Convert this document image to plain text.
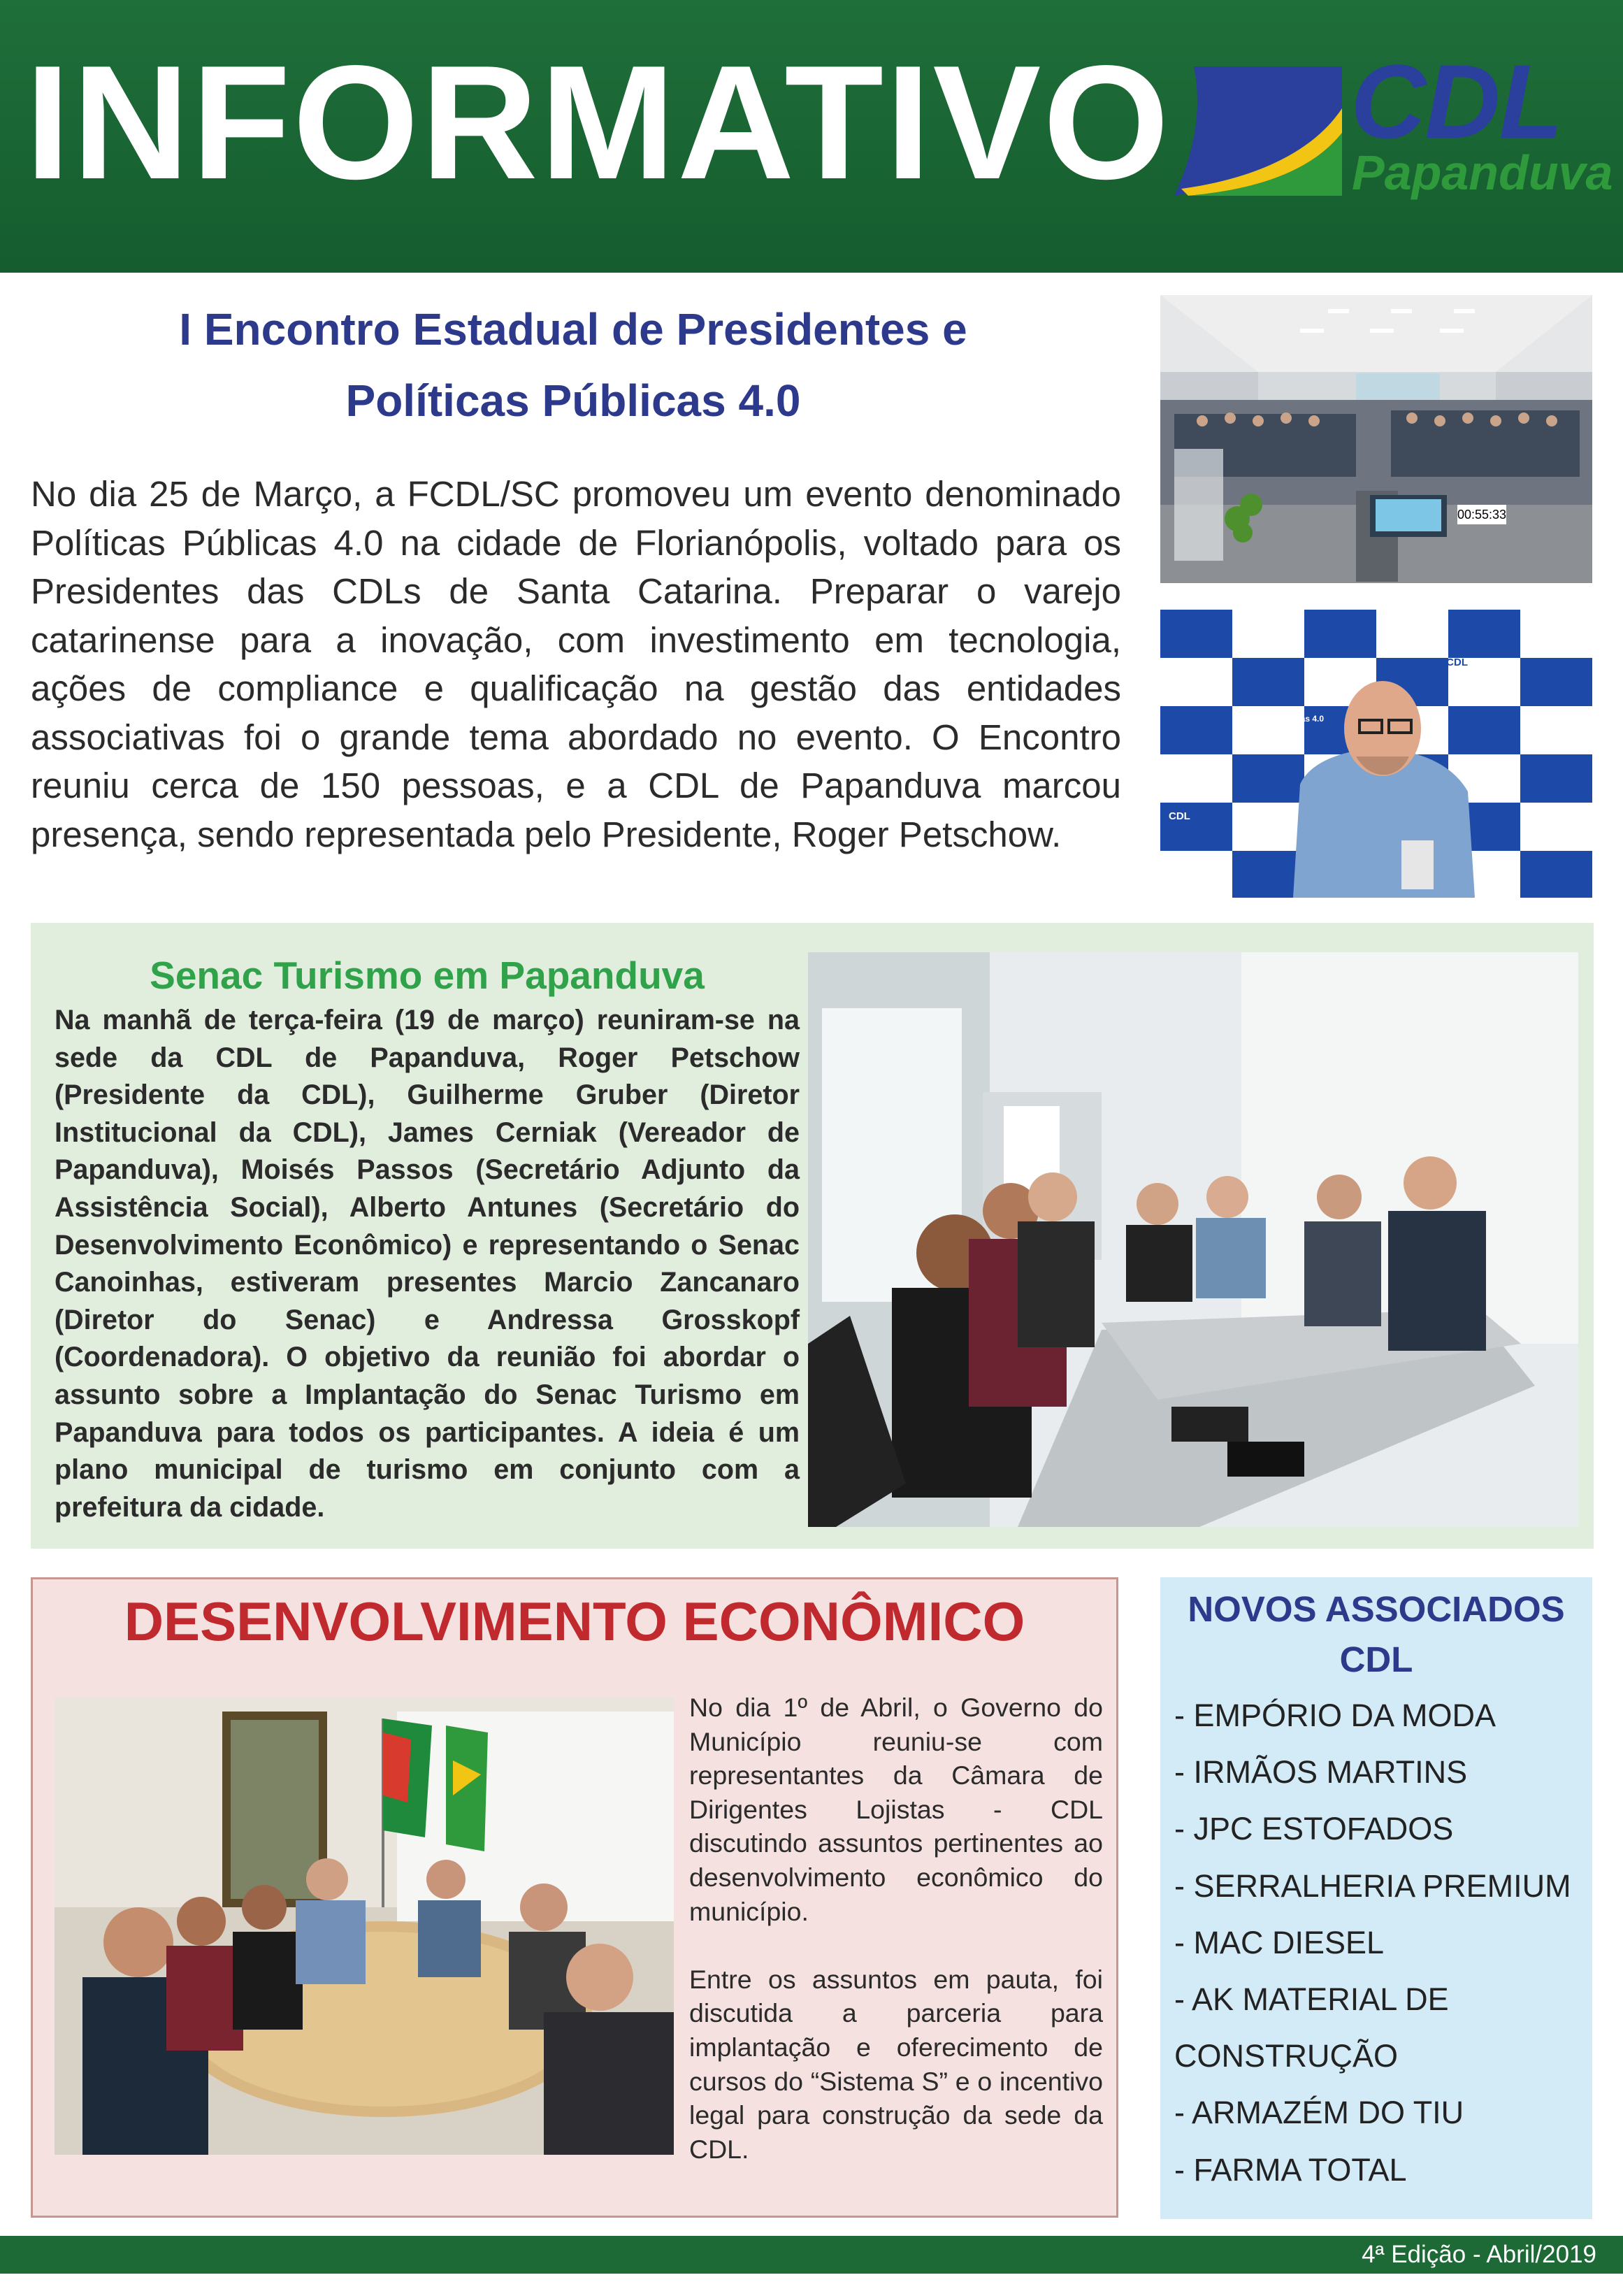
INFORMATIVO CDL
Papanduva
I Encontro Estadual de Presidentes e
Políticas Públicas 4.0
No dia 25 de Março, a FCDL/SC promoveu um evento denominado Políticas Públicas 4.0 na cidade de Florianópolis, voltado para os Presidentes das CDLs de Santa Catarina. Preparar o varejo catarinense para a inovação, com investimento em tecnologia, ações de compliance e qualificação na gestão das entidades associativas foi o grande tema abordado no evento. O Encontro reuniu cerca de 150 pessoas, e a CDL de Papanduva marcou presença, sendo representada pelo Presidente, Roger Petschow.
00:55:33
CNDL	FCDL
SPC	Políticas Públicas 4.0
CDL
Senac Turismo em Papanduva
Na manhã de terça-feira (19 de março) reuniram-se na sede da CDL de Papanduva, Roger Petschow (Presidente da CDL), Guilherme Gruber (Diretor Institucional da CDL), James Cerniak (Vereador de Papanduva), Moisés Passos (Secretário Adjunto da Assistência Social), Alberto Antunes (Secretário do Desenvolvimento Econômico) e representando o Senac Canoinhas, estiveram presentes Marcio Zancanaro (Diretor do Senac) e Andressa Grosskopf (Coordenadora). O objetivo da reunião foi abordar o assunto sobre a Implantação do Senac Turismo em Papanduva para todos os participantes. A ideia é um plano municipal de turismo em conjunto com a prefeitura da cidade.
DESENVOLVIMENTO ECONÔMICO

No dia 1º de Abril, o Governo do Município reuniu-se com representantes da Câmara de Dirigentes Lojistas - CDL discutindo assuntos pertinentes ao desenvolvimento econômico do município.

Entre os assuntos em pauta, foi discutida a parceria para implantação e oferecimento de cursos do “Sistema S” e o incentivo legal para construção da sede da CDL.

NOVOS ASSOCIADOS
CDL
- EMPÓRIO DA MODA
- IRMÃOS MARTINS
- JPC ESTOFADOS
- SERRALHERIA PREMIUM
- MAC DIESEL
- AK MATERIAL DE
CONSTRUÇÃO
- ARMAZÉM DO TIU
- FARMA TOTAL
4ª Edição - Abril/2019
